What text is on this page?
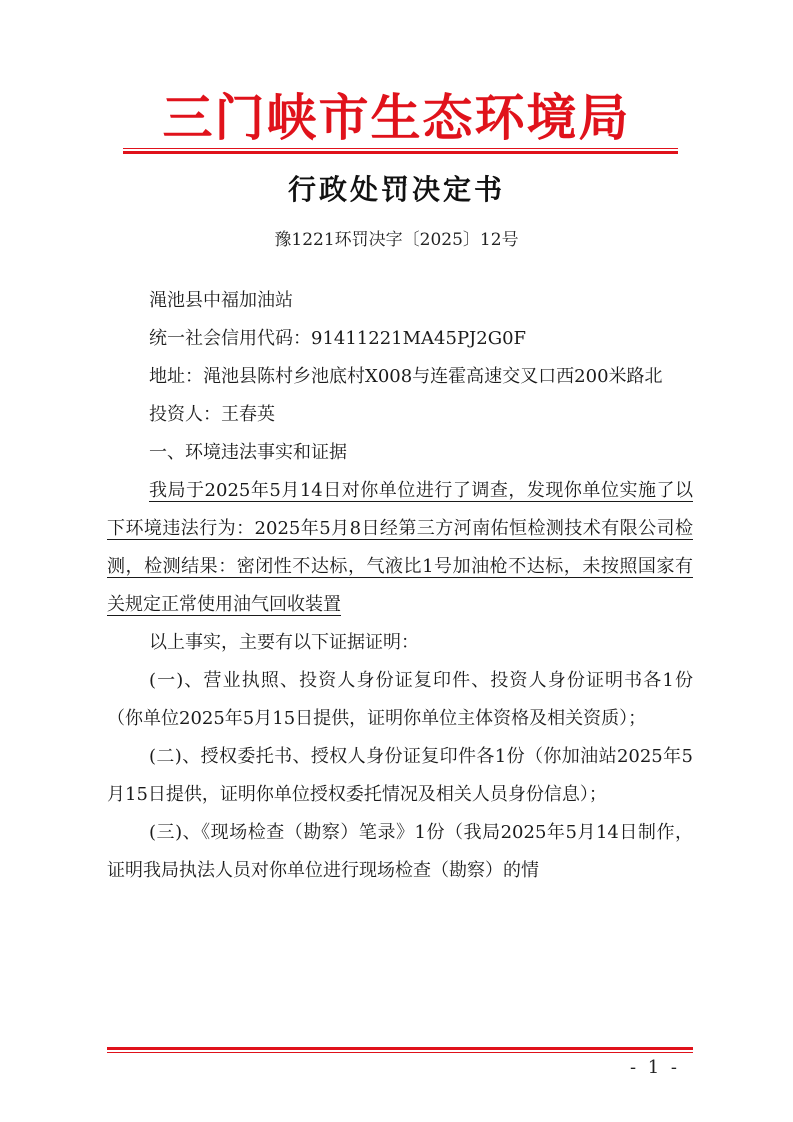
三门峡市生态环境局
行政处罚决定书
豫1221环罚决字〔2025〕12号

渑池县中福加油站

统一社会信用代码：91411221MA45PJ2G0F

地址：渑池县陈村乡池底村X008与连霍高速交叉口西200米路北

投资人：王春英

一、环境违法事实和证据

我局于2025年5月14日对你单位进行了调查，发现你单位实施了以下环境违法行为：2025年5月8日经第三方河南佑恒检测技术有限公司检测，检测结果：密闭性不达标，气液比1号加油枪不达标，未按照国家有关规定正常使用油气回收装置

以上事实，主要有以下证据证明：

(一)、营业执照、投资人身份证复印件、投资人身份证明书各1份（你单位2025年5月15日提供，证明你单位主体资格及相关资质）；

(二)、授权委托书、授权人身份证复印件各1份（你加油站2025年5月15日提供，证明你单位授权委托情况及相关人员身份信息）；

(三)、《现场检查（勘察）笔录》1份（我局2025年5月14日制作，证明我局执法人员对你单位进行现场检查（勘察）的情

- 1 -
